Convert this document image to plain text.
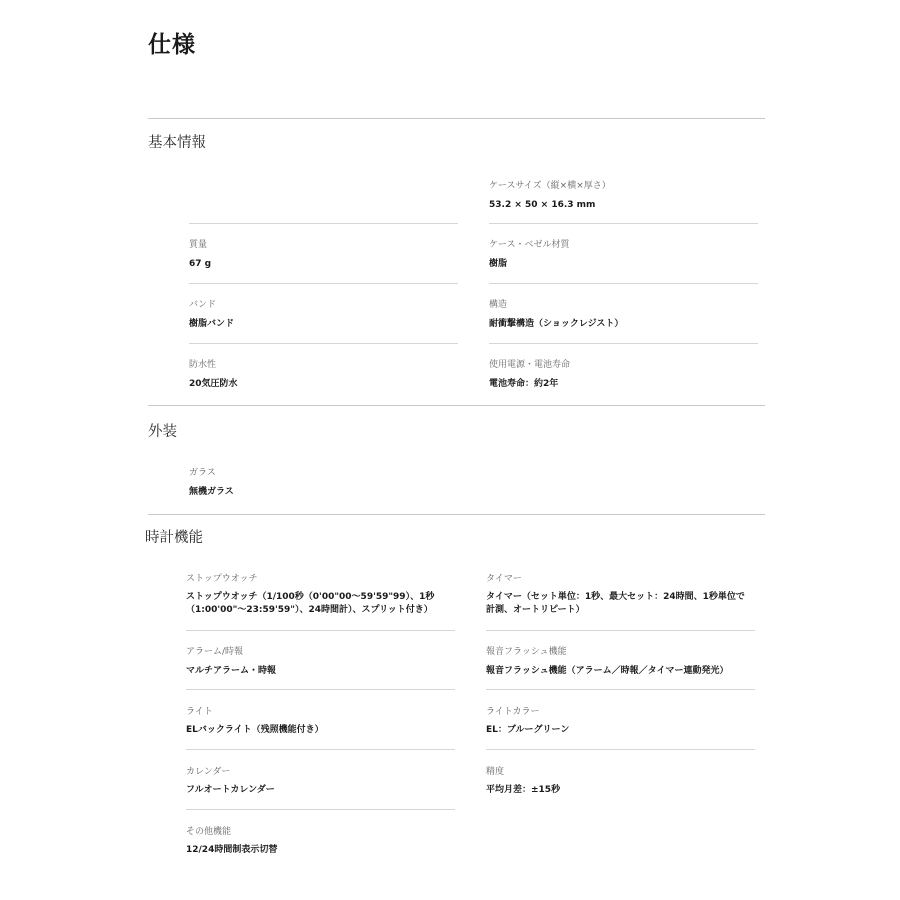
仕様
基本情報
ケースサイズ（縦×横×厚さ）
53.2 × 50 × 16.3 mm
質量
67 g
ケース・ベゼル材質
樹脂
バンド
樹脂バンド
構造
耐衝撃構造（ショックレジスト）
防水性
20気圧防水
使用電源・電池寿命
電池寿命：約2年
外装
ガラス
無機ガラス
時計機能
ストップウオッチ
ストップウオッチ（1/100秒（0'00"00～59'59"99）、1秒
（1:00'00"～23:59'59"）、24時間計）、スプリット付き）
タイマー
タイマー（セット単位：1秒、最大セット：24時間、1秒単位で
計測、オートリピート）
アラーム/時報
マルチアラーム・時報
報音フラッシュ機能
報音フラッシュ機能（アラーム／時報／タイマー連動発光）
ライト
ELバックライト（残照機能付き）
ライトカラー
EL：ブルーグリーン
カレンダー
フルオートカレンダー
精度
平均月差：±15秒
その他機能
12/24時間制表示切替
